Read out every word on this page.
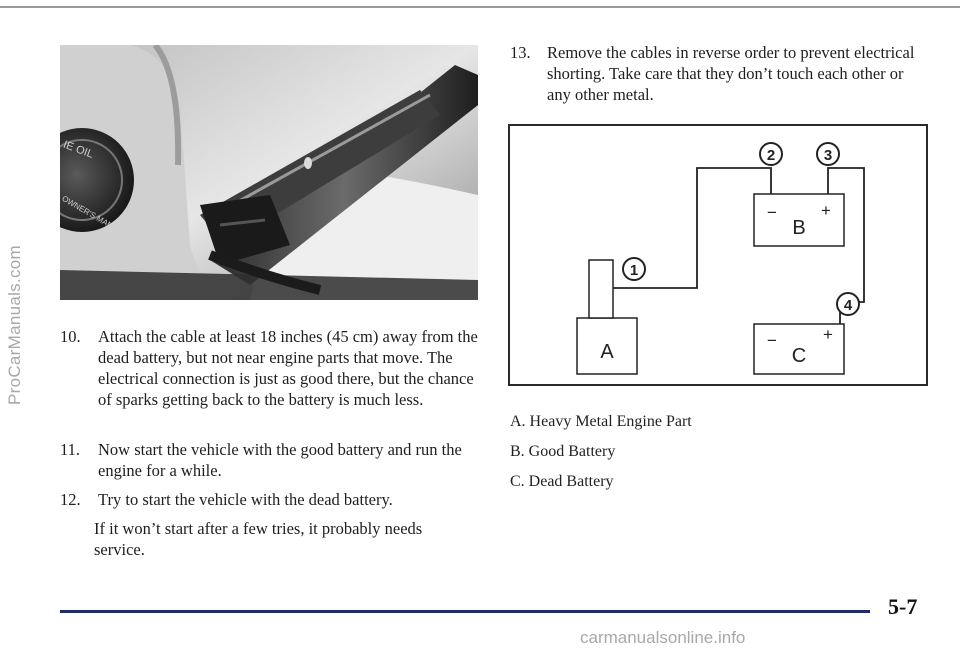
ProCarManuals.com
IE OIL
OWNER'S MANUAL
10.	Attach the cable at least 18 inches (45 cm) away from the dead battery, but not near engine parts that move. The electrical connection is just as good there, but the chance of sparks getting back to the battery is much less.
11.	Now start the vehicle with the good battery and run the engine for a while.
12.	Try to start the vehicle with the dead battery.
If it won’t start after a few tries, it probably needs service.
13. Remove the cables in reverse order to prevent electrical shorting. Take care that they don’t touch each other or any other metal.
B
−	+
C
−	+
A
2	3
1
4
A. Heavy Metal Engine Part
B. Good Battery
C. Dead Battery
5-7
carmanualsonline.info
